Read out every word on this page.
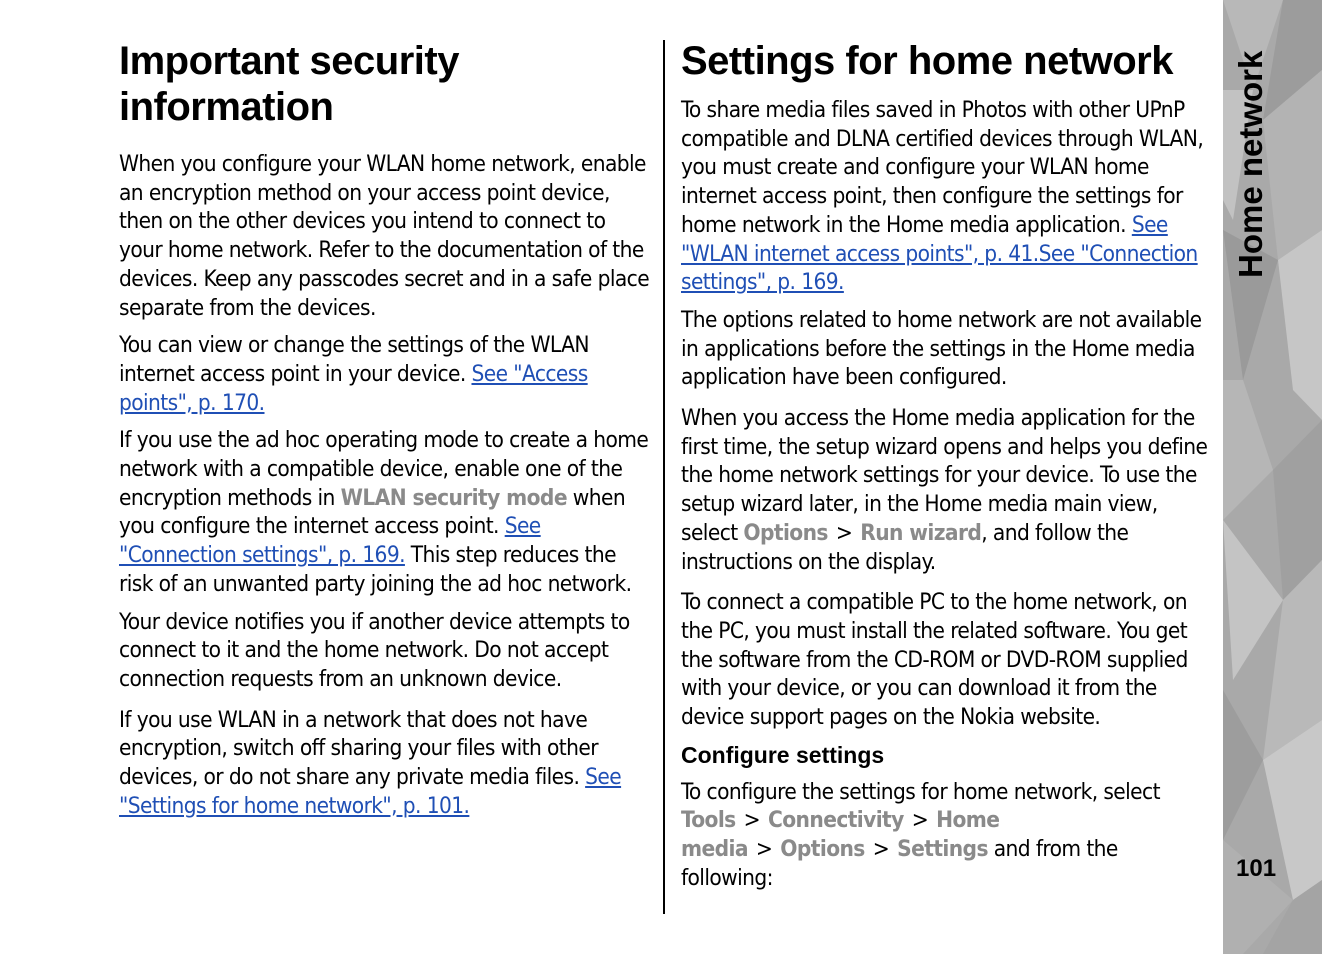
Important security information

When you configure your WLAN home network, enable an encryption method on your access point device, then on the other devices you intend to connect to your home network. Refer to the documentation of the devices. Keep any passcodes secret and in a safe place separate from the devices.

You can view or change the settings of the WLAN internet access point in your device. See "Access points", p. 170.

If you use the ad hoc operating mode to create a home network with a compatible device, enable one of the encryption methods in WLAN security mode when you configure the internet access point. See "Connection settings", p. 169. This step reduces the risk of an unwanted party joining the ad hoc network.

Your device notifies you if another device attempts to connect to it and the home network. Do not accept connection requests from an unknown device.

If you use WLAN in a network that does not have encryption, switch off sharing your files with other devices, or do not share any private media files. See "Settings for home network", p. 101.

Settings for home network

To share media files saved in Photos with other UPnP compatible and DLNA certified devices through WLAN, you must create and configure your WLAN home internet access point, then configure the settings for home network in the Home media application. See "WLAN internet access points", p. 41.See "Connection settings", p. 169.

The options related to home network are not available in applications before the settings in the Home media application have been configured.

When you access the Home media application for the first time, the setup wizard opens and helps you define the home network settings for your device. To use the setup wizard later, in the Home media main view, select Options > Run wizard, and follow the instructions on the display.

To connect a compatible PC to the home network, on the PC, you must install the related software. You get the software from the CD-ROM or DVD-ROM supplied with your device, or you can download it from the device support pages on the Nokia website.

Configure settings

To configure the settings for home network, select Tools > Connectivity > Home media > Options > Settings and from the following:

Home network
101
